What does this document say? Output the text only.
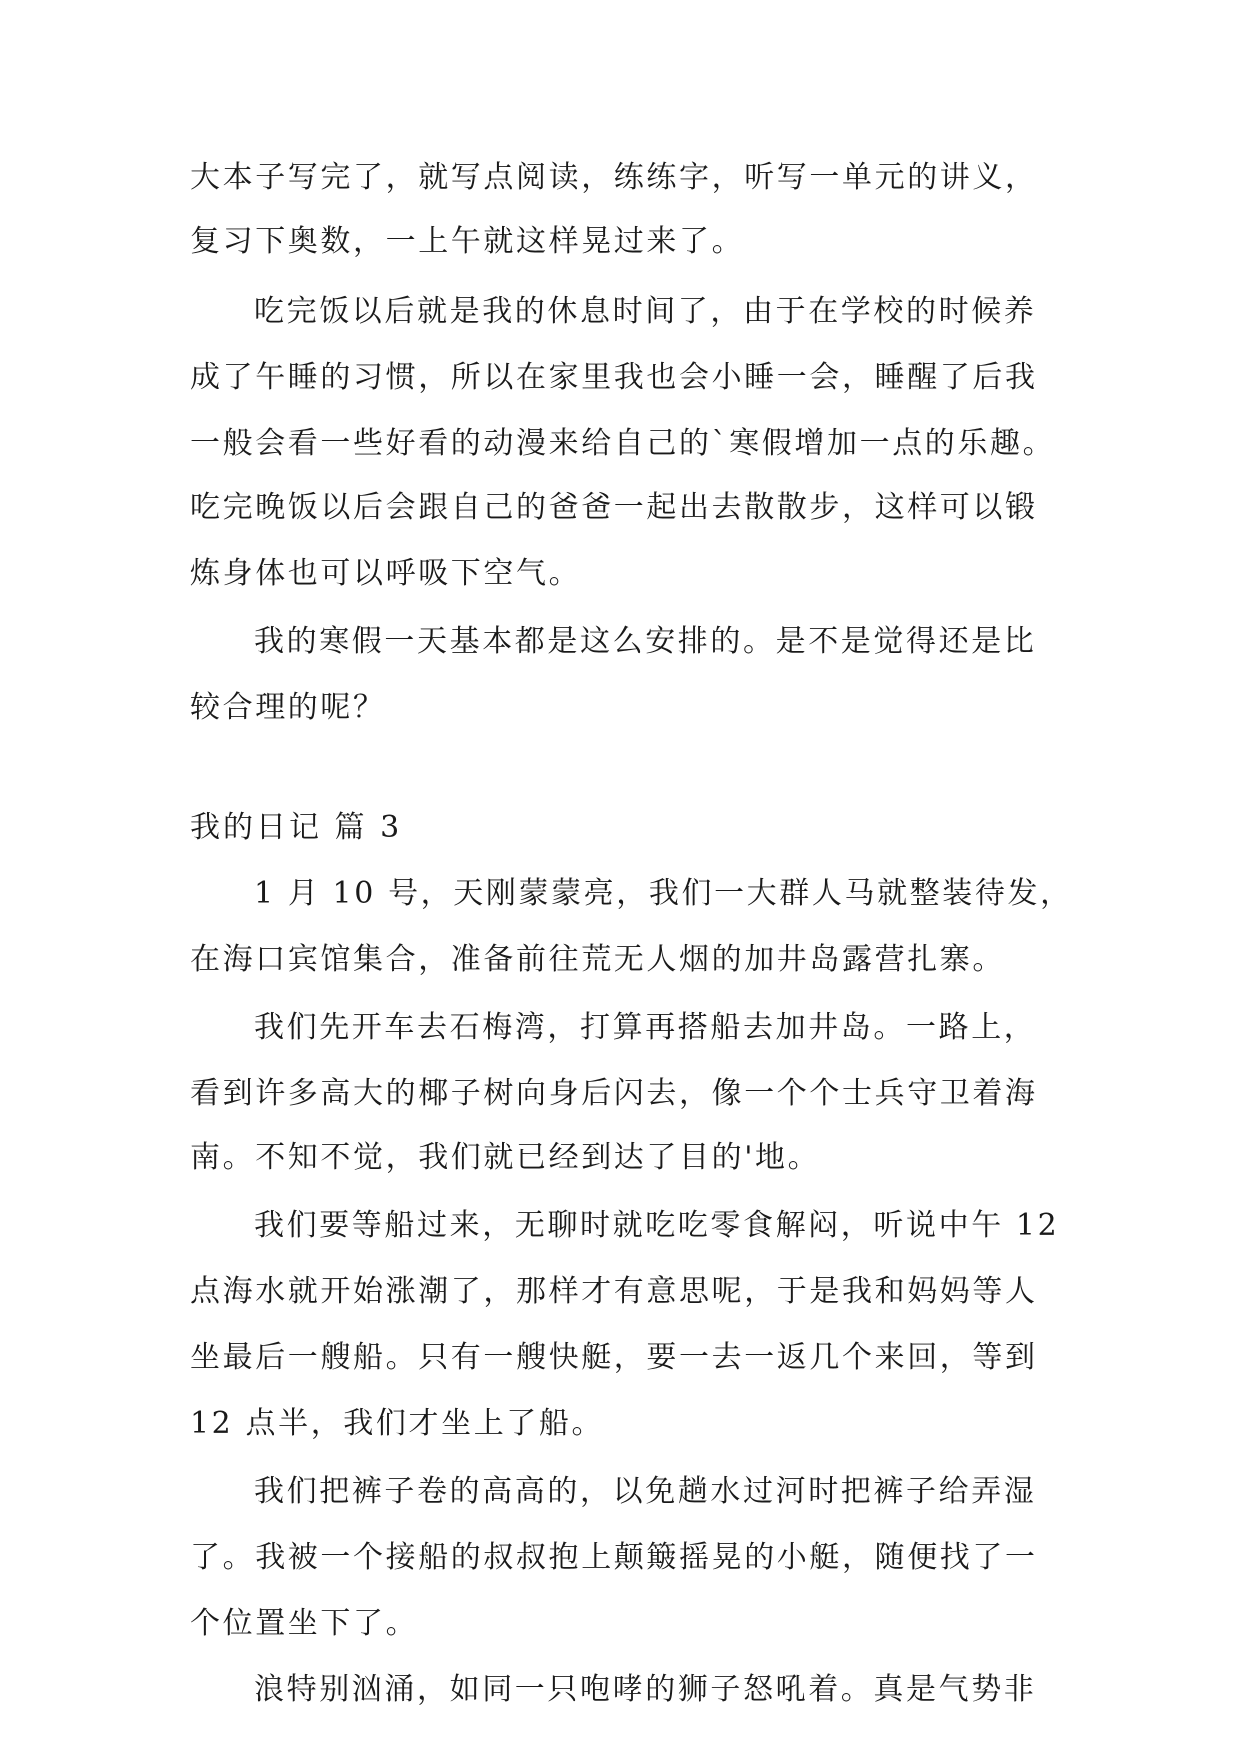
大本子写完了，就写点阅读，练练字，听写一单元的讲义，
复习下奥数，一上午就这样晃过来了。
吃完饭以后就是我的休息时间了，由于在学校的时候养
成了午睡的习惯，所以在家里我也会小睡一会，睡醒了后我
一般会看一些好看的动漫来给自己的`寒假增加一点的乐趣。
吃完晚饭以后会跟自己的爸爸一起出去散散步，这样可以锻
炼身体也可以呼吸下空气。
我的寒假一天基本都是这么安排的。是不是觉得还是比
较合理的呢？
我的日记 篇 3
1 月 10 号，天刚蒙蒙亮，我们一大群人马就整装待发，
在海口宾馆集合，准备前往荒无人烟的加井岛露营扎寨。
我们先开车去石梅湾，打算再搭船去加井岛。一路上，
看到许多高大的椰子树向身后闪去，像一个个士兵守卫着海
南。不知不觉，我们就已经到达了目的'地。
我们要等船过来，无聊时就吃吃零食解闷，听说中午 12
点海水就开始涨潮了，那样才有意思呢，于是我和妈妈等人
坐最后一艘船。只有一艘快艇，要一去一返几个来回，等到
12 点半，我们才坐上了船。
我们把裤子卷的高高的，以免趟水过河时把裤子给弄湿
了。我被一个接船的叔叔抱上颠簸摇晃的小艇，随便找了一
个位置坐下了。
浪特别汹涌，如同一只咆哮的狮子怒吼着。真是气势非
